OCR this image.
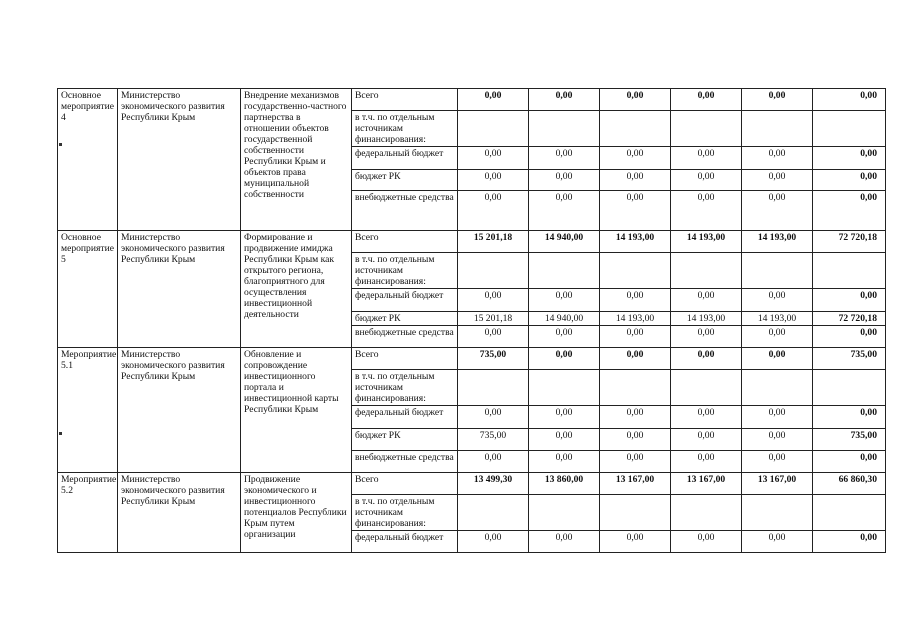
Основное мероприятие 4	Министерство экономического развития Республики Крым	Внедрение механизмов государственно-частного партнерства в отношении объектов государственной собственности Республики Крым и объектов права муниципальной собственности	Всего	0,00	0,00	0,00	0,00	0,00	0,00
			в т.ч. по отдельным источникам финансирования:						
			федеральный бюджет	0,00	0,00	0,00	0,00	0,00	0,00
			бюджет РК	0,00	0,00	0,00	0,00	0,00	0,00
			внебюджетные средства	0,00	0,00	0,00	0,00	0,00	0,00
Основное мероприятие 5	Министерство экономического развития Республики Крым	Формирование и продвижение имиджа Республики Крым как открытого региона, благоприятного для осуществления инвестиционной деятельности	Всего	15 201,18	14 940,00	14 193,00	14 193,00	14 193,00	72 720,18
			в т.ч. по отдельным источникам финансирования:						
			федеральный бюджет	0,00	0,00	0,00	0,00	0,00	0,00
			бюджет РК	15 201,18	14 940,00	14 193,00	14 193,00	14 193,00	72 720,18
			внебюджетные средства	0,00	0,00	0,00	0,00	0,00	0,00
Мероприятие 5.1	Министерство экономического развития Республики Крым	Обновление и сопровождение инвестиционного портала и инвестиционной карты Республики Крым	Всего	735,00	0,00	0,00	0,00	0,00	735,00
			в т.ч. по отдельным источникам финансирования:						
			федеральный бюджет	0,00	0,00	0,00	0,00	0,00	0,00
			бюджет РК	735,00	0,00	0,00	0,00	0,00	735,00
			внебюджетные средства	0,00	0,00	0,00	0,00	0,00	0,00
Мероприятие 5.2	Министерство экономического развития Республики Крым	Продвижение экономического и инвестиционного потенциалов Республики Крым путем организации	Всего	13 499,30	13 860,00	13 167,00	13 167,00	13 167,00	66 860,30
			в т.ч. по отдельным источникам финансирования:						
			федеральный бюджет	0,00	0,00	0,00	0,00	0,00	0,00
